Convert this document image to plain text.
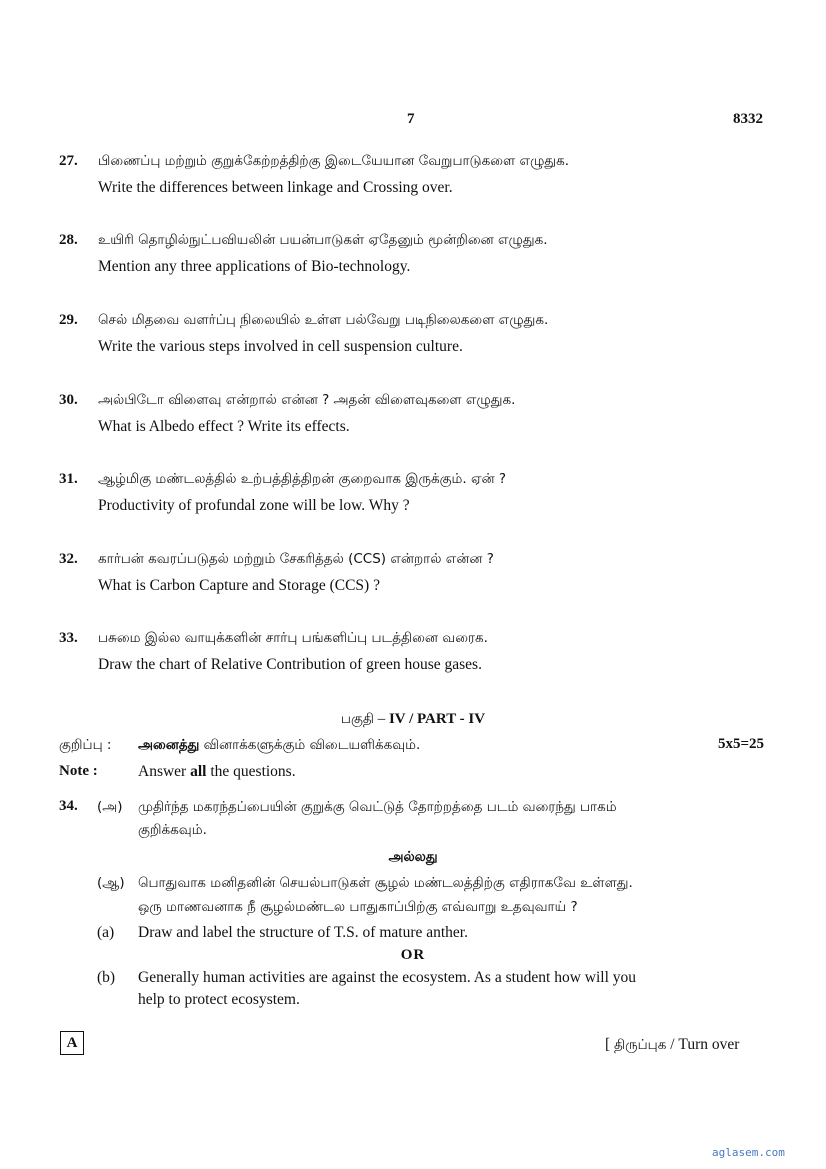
7	8332
27. பிணைப்பு மற்றும் குறுக்கேற்றத்திற்கு இடையேயான வேறுபாடுகளை எழுதுக.
Write the differences between linkage and Crossing over.
28. உயிரி தொழில்நுட்பவியலின் பயன்பாடுகள் ஏதேனும் மூன்றினை எழுதுக.
Mention any three applications of Bio-technology.
29. செல் மிதவை வளர்ப்பு நிலையில் உள்ள பல்வேறு படிநிலைகளை எழுதுக.
Write the various steps involved in cell suspension culture.
30. அல்பிடோ விளைவு என்றால் என்ன ? அதன் விளைவுகளை எழுதுக.
What is Albedo effect ? Write its effects.
31. ஆழ்மிகு மண்டலத்தில் உற்பத்தித்திறன் குறைவாக இருக்கும். ஏன் ?
Productivity of profundal zone will be low. Why ?
32. கார்பன் கவரப்படுதல் மற்றும் சேகரித்தல் (CCS) என்றால் என்ன ?
What is Carbon Capture and Storage (CCS) ?
33. பசுமை இல்ல வாயுக்களின் சார்பு பங்களிப்பு படத்தினை வரைக.
Draw the chart of Relative Contribution of green house gases.
பகுதி – IV / PART - IV
குறிப்பு : அனைத்து வினாக்களுக்கும் விடையளிக்கவும்.	5x5=25
Note :	Answer all the questions.
34. (அ) முதிர்ந்த மகரந்தப்பையின் குறுக்கு வெட்டுத் தோற்றத்தை படம் வரைந்து பாகம்
குறிக்கவும்.
அல்லது
(ஆ) பொதுவாக மனிதனின் செயல்பாடுகள் சூழல் மண்டலத்திற்கு எதிராகவே உள்ளது.
ஒரு மாணவனாக நீ சூழல்மண்டல பாதுகாப்பிற்கு எவ்வாறு உதவுவாய் ?
(a) Draw and label the structure of T.S. of mature anther.
OR
(b) Generally human activities are against the ecosystem. As a student how will you
help to protect ecosystem.
A	[ திருப்புக / Turn over
aglasem.com
